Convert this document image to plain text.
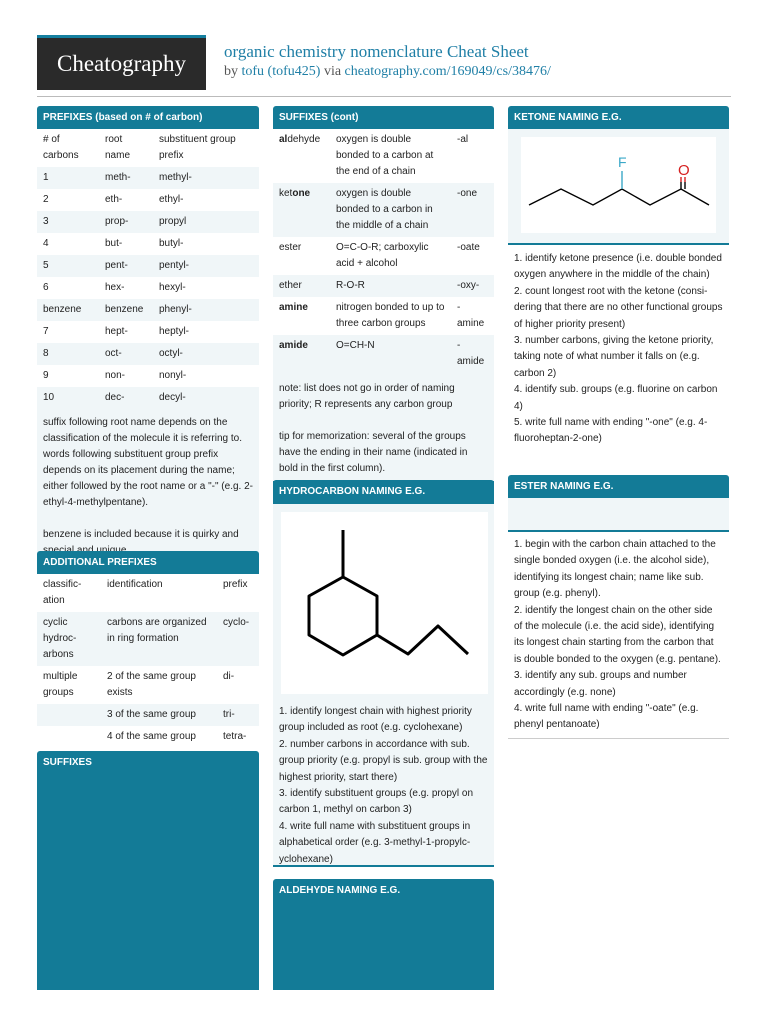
Cheatography	organic chemistry nomenclature Cheat Sheet
by tofu (tofu425) via cheatography.com/169049/cs/38476/
PREFIXES (based on # of carbon)
# of carbons	root name	substituent group prefix
1	meth-	methyl-
2	eth-	ethyl-
3	prop-	propyl
4	but-	butyl-
5	pent-	pentyl-
6	hex-	hexyl-
benzene	benzene	phenyl-
7	hept-	heptyl-
8	oct-	octyl-
9	non-	nonyl-
10	dec-	decyl-
suffix following root name depends on the classification of the molecule it is referring to. words following substituent group prefix depends on its placement during the name; either followed by the root name or a "-" (e.g. 2-ethyl-4-methylpentane).
benzene is included because it is quirky and
ADDITIONAL PREFIXES
classific-ation	identification	prefix
cyclic hydroc-arbons	carbons are organized in ring formation	cyclo-
multiple groups	2 of the same group exists	di-
	3 of the same group	tri-
	4 of the same group	tetra-
SUFFIXES
SUFFIXES (cont)
aldehyde	oxygen is double bonded to a carbon at the end of a chain	-al
ketone	oxygen is double bonded to a carbon in the middle of a chain	-one
ester	O=C-O-R; carboxylic acid + alcohol	-oate
ether	R-O-R	-oxy-
amine	nitrogen bonded to up to three carbon groups	- amine
amide	O=CH-N	- amide
note: list does not go in order of naming priority; R represents any carbon group
tip for memorization: several of the groups have the ending in their name (indicated in bold in the first column).
HYDROCARBON NAMING E.G.
1. identify longest chain with highest priority group included as root (e.g. cyclohexane)
2. number carbons in accordance with sub. group priority (e.g. propyl is sub. group with the highest priority, start there)
3. identify substituent groups (e.g. propyl on carbon 1, methyl on carbon 3)
4. write full name with substituent groups in alphabetical order (e.g. 3-methyl-1-propylc-yclohexane)
ALDEHYDE NAMING E.G.
KETONE NAMING E.G.
F	O
1. identify ketone presence (i.e. double bonded oxygen anywhere in the middle of the chain)
2. count longest root with the ketone (consi-dering that there are no other functional groups of higher priority present)
3. number carbons, giving the ketone priority, taking note of what number it falls on (e.g. carbon 2)
4. identify sub. groups (e.g. fluorine on carbon 4)
5. write full name with ending "-one" (e.g. 4-fluoroheptan-2-one)
ESTER NAMING E.G.
1. begin with the carbon chain attached to the single bonded oxygen (i.e. the alcohol side), identifying its longest chain; name like sub. group (e.g. phenyl).
2. identify the longest chain on the other side of the molecule (i.e. the acid side), identifying its longest chain starting from the carbon that is double bonded to the oxygen (e.g. pentane).
3. identify any sub. groups and number accordingly (e.g. none)
4. write full name with ending "-oate" (e.g. phenyl pentanoate)
